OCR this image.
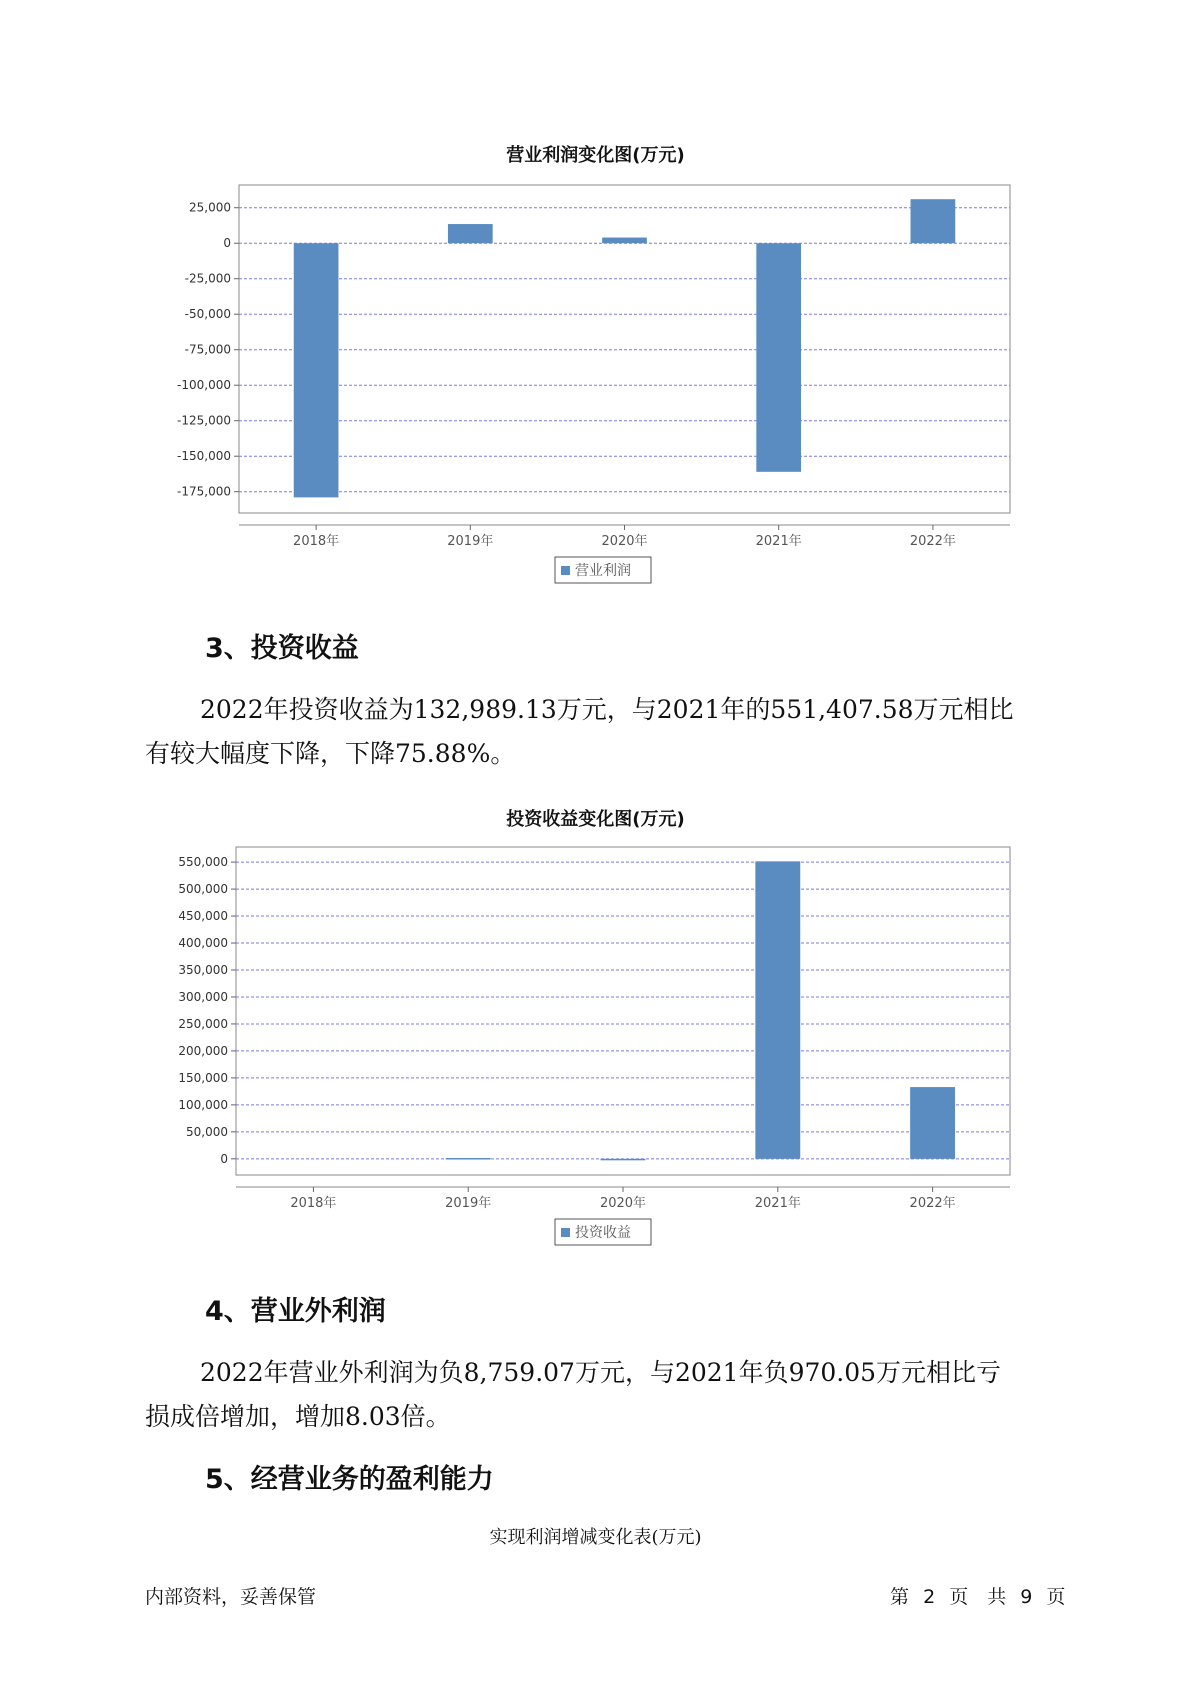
营业利润变化图(万元)
25,000
0
-25,000
-50,000
-75,000
-100,000
-125,000
-150,000
-175,000
2018年	2019年	2020年	2021年	2022年
营业利润
3、投资收益
2022年投资收益为132,989.13万元，与2021年的551,407.58万元相比
有较大幅度下降，下降75.88%。
投资收益变化图(万元)
550,000
500,000
450,000
400,000
350,000
300,000
250,000
200,000
150,000
100,000
50,000
0
2018年	2019年	2020年	2021年	2022年
投资收益
4、营业外利润
2022年营业外利润为负8,759.07万元，与2021年负970.05万元相比亏
损成倍增加，增加8.03倍。
5、经营业务的盈利能力
实现利润增减变化表(万元)
内部资料，妥善保管	第 2 页　共 9 页
